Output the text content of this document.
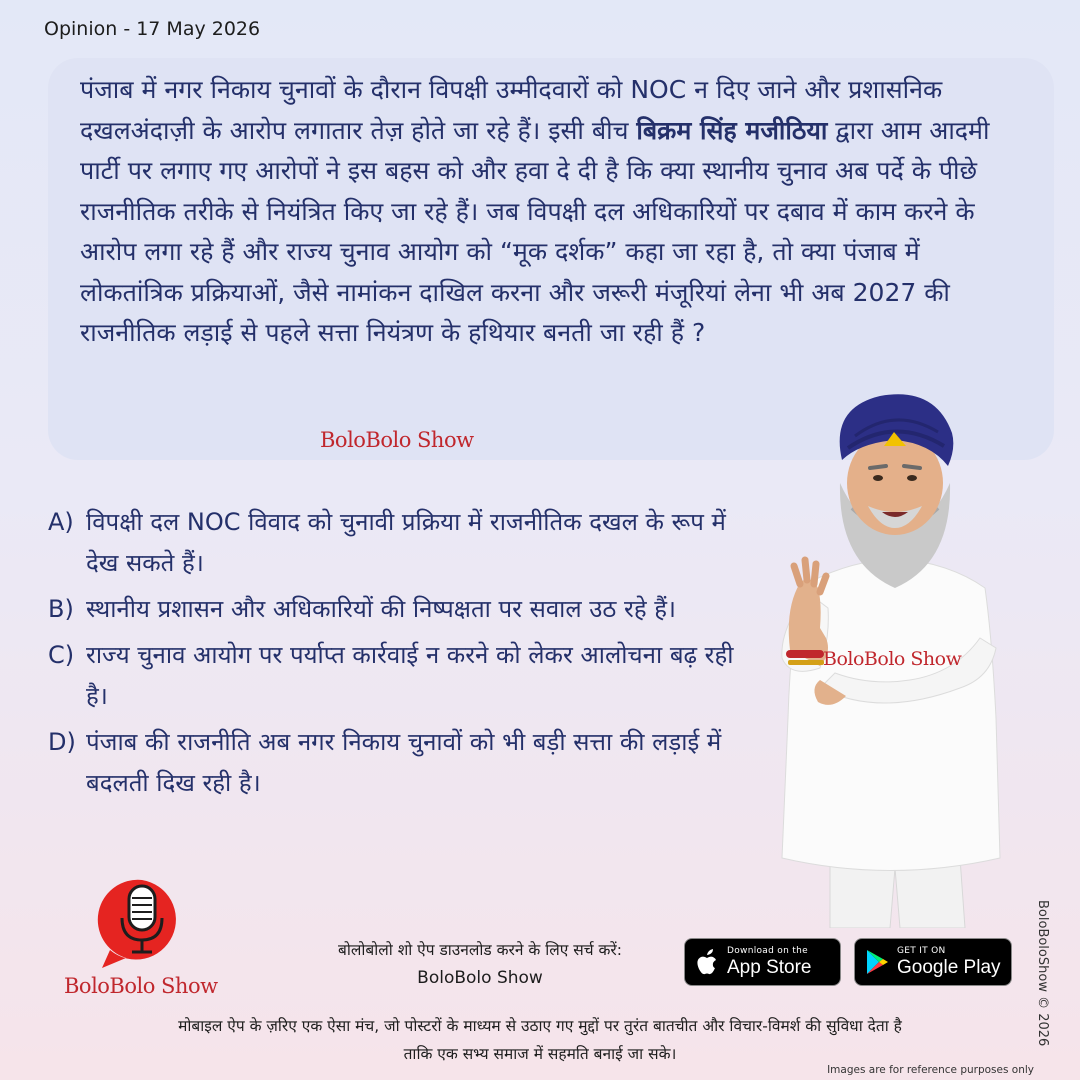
Opinion - 17 May 2026
पंजाब में नगर निकाय चुनावों के दौरान विपक्षी उम्मीदवारों को NOC न दिए जाने और प्रशासनिक दखलअंदाज़ी के आरोप लगातार तेज़ होते जा रहे हैं। इसी बीच बिक्रम सिंह मजीठिया द्वारा आम आदमी पार्टी पर लगाए गए आरोपों ने इस बहस को और हवा दे दी है कि क्या स्थानीय चुनाव अब पर्दे के पीछे राजनीतिक तरीके से नियंत्रित किए जा रहे हैं। जब विपक्षी दल अधिकारियों पर दबाव में काम करने के आरोप लगा रहे हैं और राज्य चुनाव आयोग को “मूक दर्शक” कहा जा रहा है, तो क्या पंजाब में लोकतांत्रिक प्रक्रियाओं, जैसे नामांकन दाखिल करना और जरूरी मंजूरियां लेना भी अब 2027 की राजनीतिक लड़ाई से पहले सत्ता नियंत्रण के हथियार बनती जा रही हैं ?
BoloBolo Show
A) विपक्षी दल NOC विवाद को चुनावी प्रक्रिया में राजनीतिक दखल के रूप में देख सकते हैं।
B) स्थानीय प्रशासन और अधिकारियों की निष्पक्षता पर सवाल उठ रहे हैं।
C) राज्य चुनाव आयोग पर पर्याप्त कार्रवाई न करने को लेकर आलोचना बढ़ रही है।
D) पंजाब की राजनीति अब नगर निकाय चुनावों को भी बड़ी सत्ता की लड़ाई में बदलती दिख रही है।
BoloBolo Show
BoloBoloShow © 2026
BoloBolo Show
बोलोबोलो शो ऐप डाउनलोड करने के लिए सर्च करें:
BoloBolo Show
Download on the
App Store
GET IT ON
Google Play
मोबाइल ऐप के ज़रिए एक ऐसा मंच, जो पोस्टरों के माध्यम से उठाए गए मुद्दों पर तुरंत बातचीत और विचार-विमर्श की सुविधा देता है
ताकि एक सभ्य समाज में सहमति बनाई जा सके।
Images are for reference purposes only
